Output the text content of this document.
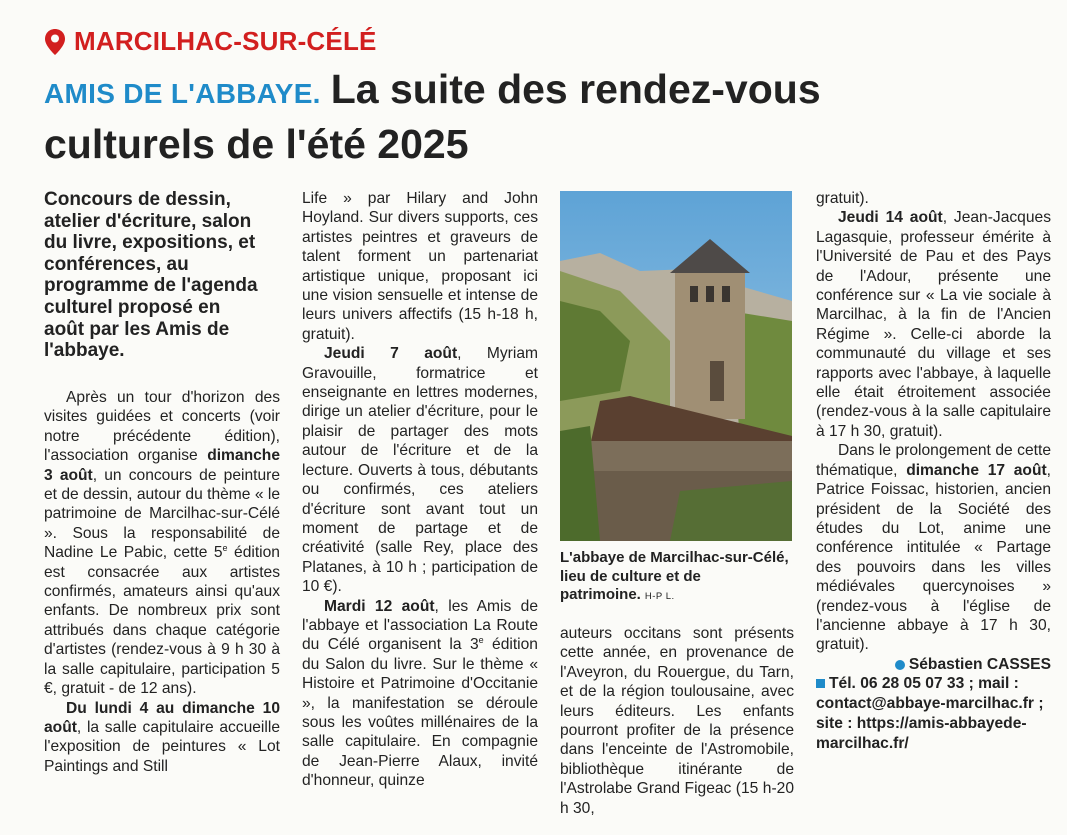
MARCILHAC-SUR-CÉLÉ
AMIS DE L'ABBAYE. La suite des rendez-vous culturels de l'été 2025
Concours de dessin, atelier d'écriture, salon du livre, expositions, et conférences, au programme de l'agenda culturel proposé en août par les Amis de l'abbaye.

Après un tour d'horizon des visites guidées et concerts (voir notre précédente édition), l'association organise dimanche 3 août, un concours de peinture et de dessin, autour du thème « le patrimoine de Marcilhac-sur-Célé ». Sous la responsabilité de Nadine Le Pabic, cette 5e édition est consacrée aux artistes confirmés, amateurs ainsi qu'aux enfants. De nombreux prix sont attribués dans chaque catégorie d'artistes (rendez-vous à 9 h 30 à la salle capitulaire, participation 5 €, gratuit - de 12 ans).

Du lundi 4 au dimanche 10 août, la salle capitulaire accueille l'exposition de peintures « Lot Paintings and Still

Life » par Hilary and John Hoyland. Sur divers supports, ces artistes peintres et graveurs de talent forment un partenariat artistique unique, proposant ici une vision sensuelle et intense de leurs univers affectifs (15 h-18 h, gratuit).

Jeudi 7 août, Myriam Gravouille, formatrice et enseignante en lettres modernes, dirige un atelier d'écriture, pour le plaisir de partager des mots autour de l'écriture et de la lecture. Ouverts à tous, débutants ou confirmés, ces ateliers d'écriture sont avant tout un moment de partage et de créativité (salle Rey, place des Platanes, à 10 h ; participation de 10 €).

Mardi 12 août, les Amis de l'abbaye et l'association La Route du Célé organisent la 3e édition du Salon du livre. Sur le thème « Histoire et Patrimoine d'Occitanie », la manifestation se déroule sous les voûtes millénaires de la salle capitulaire. En compagnie de Jean-Pierre Alaux, invité d'honneur, quinze

L'abbaye de Marcilhac-sur-Célé, lieu de culture et de patrimoine. H-P L.

auteurs occitans sont présents cette année, en provenance de l'Aveyron, du Rouergue, du Tarn, et de la région toulousaine, avec leurs éditeurs. Les enfants pourront profiter de la présence dans l'enceinte de l'Astromobile, bibliothèque itinérante de l'Astrolabe Grand Figeac (15 h-20 h 30,

gratuit).

Jeudi 14 août, Jean-Jacques Lagasquie, professeur émérite à l'Université de Pau et des Pays de l'Adour, présente une conférence sur « La vie sociale à Marcilhac, à la fin de l'Ancien Régime ». Celle-ci aborde la communauté du village et ses rapports avec l'abbaye, à laquelle elle était étroitement associée (rendez-vous à la salle capitulaire à 17 h 30, gratuit).

Dans le prolongement de cette thématique, dimanche 17 août, Patrice Foissac, historien, ancien président de la Société des études du Lot, anime une conférence intitulée « Partage des pouvoirs dans les villes médiévales quercynoises » (rendez-vous à l'église de l'ancienne abbaye à 17 h 30, gratuit).

Sébastien CASSES

Tél. 06 28 05 07 33 ; mail : contact@abbaye-marcilhac.fr ; site : https://amis-abbayede-marcilhac.fr/
